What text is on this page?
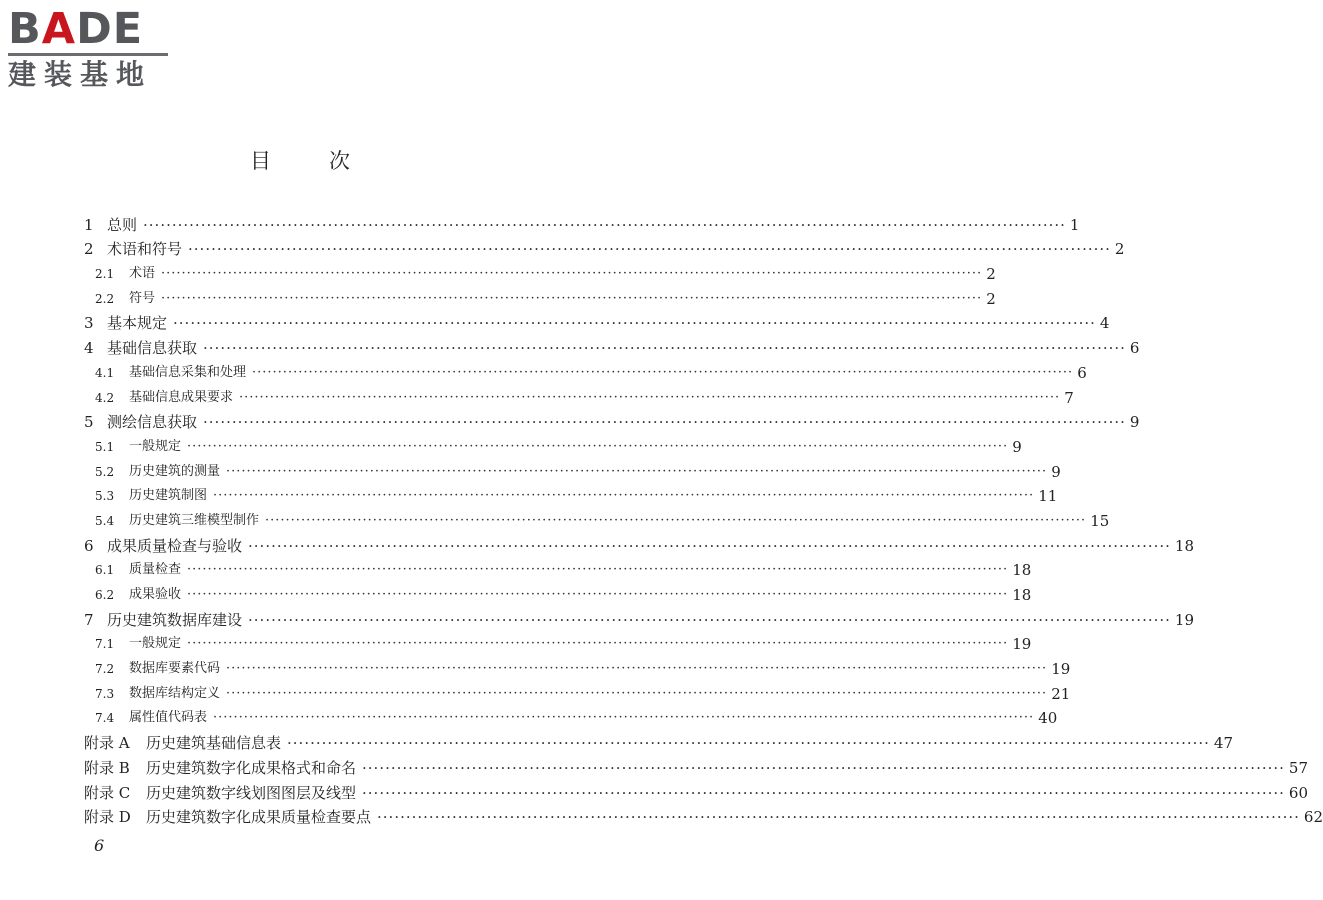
BADE
建装基地
目	次
1 总则 ································································································································································ 1
2 术语和符号 ································································································································································ 2
2.1	术语 ································································································································································ 2
2.2	符号 ································································································································································ 2
3 基本规定 ································································································································································ 4
4 基础信息获取 ································································································································································ 6
4.1	基础信息采集和处理 ································································································································································ 6
4.2	基础信息成果要求 ································································································································································ 7
5 测绘信息获取 ································································································································································ 9
5.1	一般规定 ································································································································································ 9
5.2	历史建筑的测量 ································································································································································ 9
5.3	历史建筑制图 ································································································································································ 11
5.4	历史建筑三维模型制作 ································································································································································ 15
6 成果质量检查与验收 ································································································································································ 18
6.1	质量检查 ································································································································································ 18
6.2	成果验收 ································································································································································ 18
7 历史建筑数据库建设 ································································································································································ 19
7.1	一般规定 ································································································································································ 19
7.2	数据库要素代码 ································································································································································ 19
7.3	数据库结构定义 ································································································································································ 21
7.4	属性值代码表 ································································································································································ 40
附录 A	历史建筑基础信息表 ································································································································································ 47
附录 B	历史建筑数字化成果格式和命名 ································································································································································ 57
附录 C	历史建筑数字线划图图层及线型 ································································································································································ 60
附录 D	历史建筑数字化成果质量检查要点 ································································································································································ 62
6
